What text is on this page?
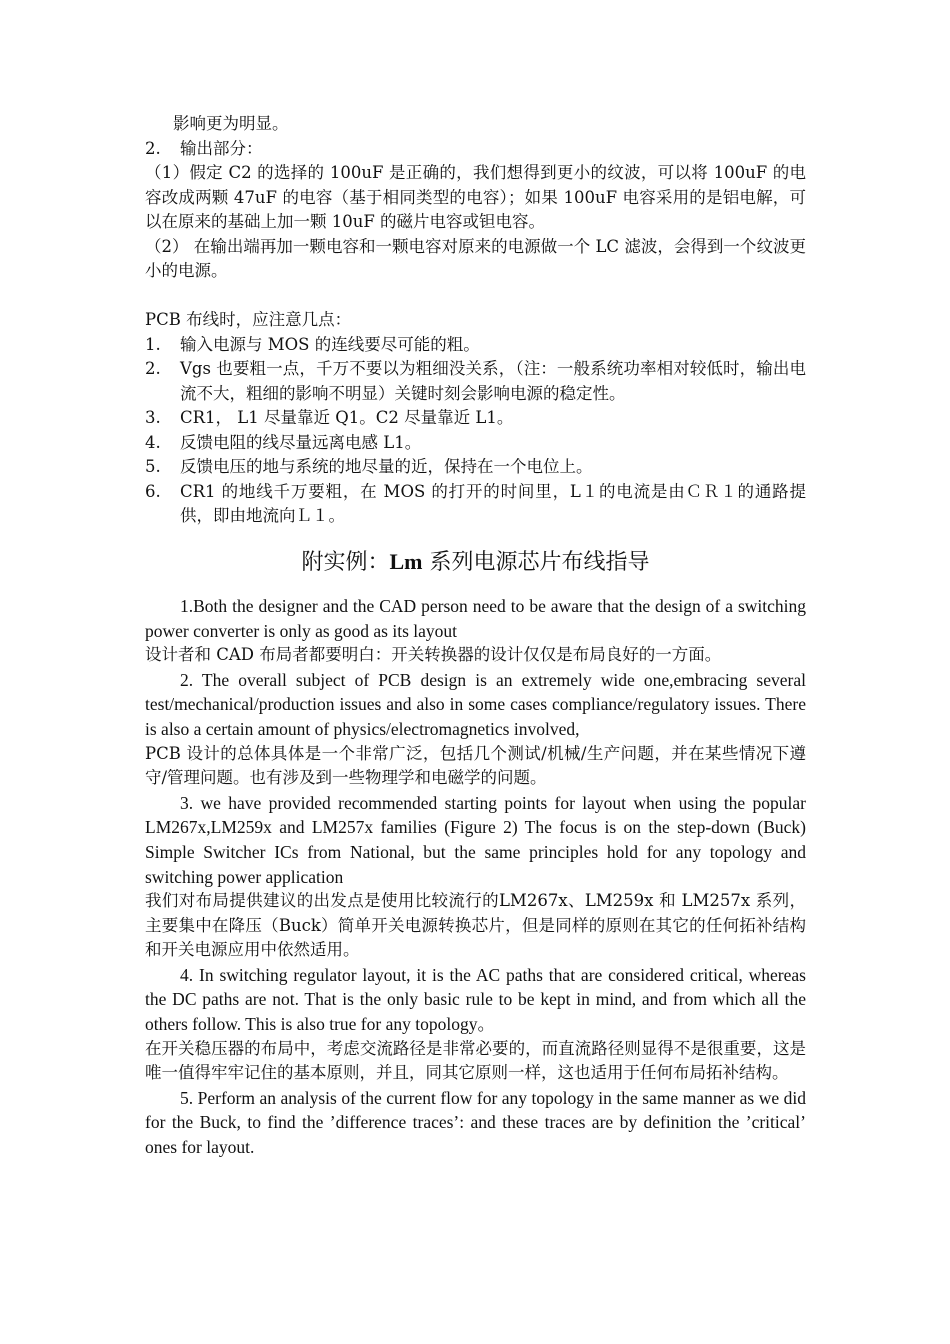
影响更为明显。
2.	输出部分：
（1）假定 C2 的选择的 100uF 是正确的，我们想得到更小的纹波，可以将 100uF 的电容改成两颗 47uF 的电容（基于相同类型的电容）；如果 100uF 电容采用的是铝电解，可以在原来的基础上加一颗 10uF 的磁片电容或钽电容。
（2） 在输出端再加一颗电容和一颗电容对原来的电源做一个 LC 滤波，会得到一个纹波更小的电源。
PCB 布线时，应注意几点：
1.	输入电源与 MOS 的连线要尽可能的粗。
2.	Vgs 也要粗一点，千万不要以为粗细没关系，（注：一般系统功率相对较低时，输出电流不大，粗细的影响不明显）关键时刻会影响电源的稳定性。
3.	CR1， L1 尽量靠近 Q1。C2 尽量靠近 L1。
4.	反馈电阻的线尽量远离电感 L1。
5.	反馈电压的地与系统的地尽量的近，保持在一个电位上。
6.	CR1 的地线千万要粗，在 MOS 的打开的时间里，L１的电流是由ＣＲ１的通路提供，即由地流向Ｌ１。
附实例：Lm 系列电源芯片布线指导
1.Both the designer and the CAD person need to be aware that the design of a switching power converter is only as good as its layout
设计者和 CAD 布局者都要明白：开关转换器的设计仅仅是布局良好的一方面。
2. The overall subject of PCB design is an extremely wide one,embracing several test/mechanical/production issues and also in some cases compliance/regulatory issues. There is also a certain amount of physics/electromagnetics involved,
PCB 设计的总体具体是一个非常广泛，包括几个测试/机械/生产问题，并在某些情况下遵守/管理问题。也有涉及到一些物理学和电磁学的问题。
3. we have provided recommended starting points for layout when using the popular LM267x,LM259x and LM257x families (Figure 2) The focus is on the step-down (Buck) Simple Switcher ICs from National, but the same principles hold for any topology and switching power application
我们对布局提供建议的出发点是使用比较流行的LM267x、LM259x 和 LM257x 系列，主要集中在降压（Buck）简单开关电源转换芯片，但是同样的原则在其它的任何拓补结构和开关电源应用中依然适用。
4. In switching regulator layout, it is the AC paths that are considered critical, whereas the DC paths are not. That is the only basic rule to be kept in mind, and from which all the others follow. This is also true for any topology。
在开关稳压器的布局中，考虑交流路径是非常必要的，而直流路径则显得不是很重要，这是唯一值得牢牢记住的基本原则，并且，同其它原则一样，这也适用于任何布局拓补结构。
5. Perform an analysis of the current flow for any topology in the same manner as we did for the Buck, to find the ’difference traces’: and these traces are by definition the ’critical’ ones for layout.
